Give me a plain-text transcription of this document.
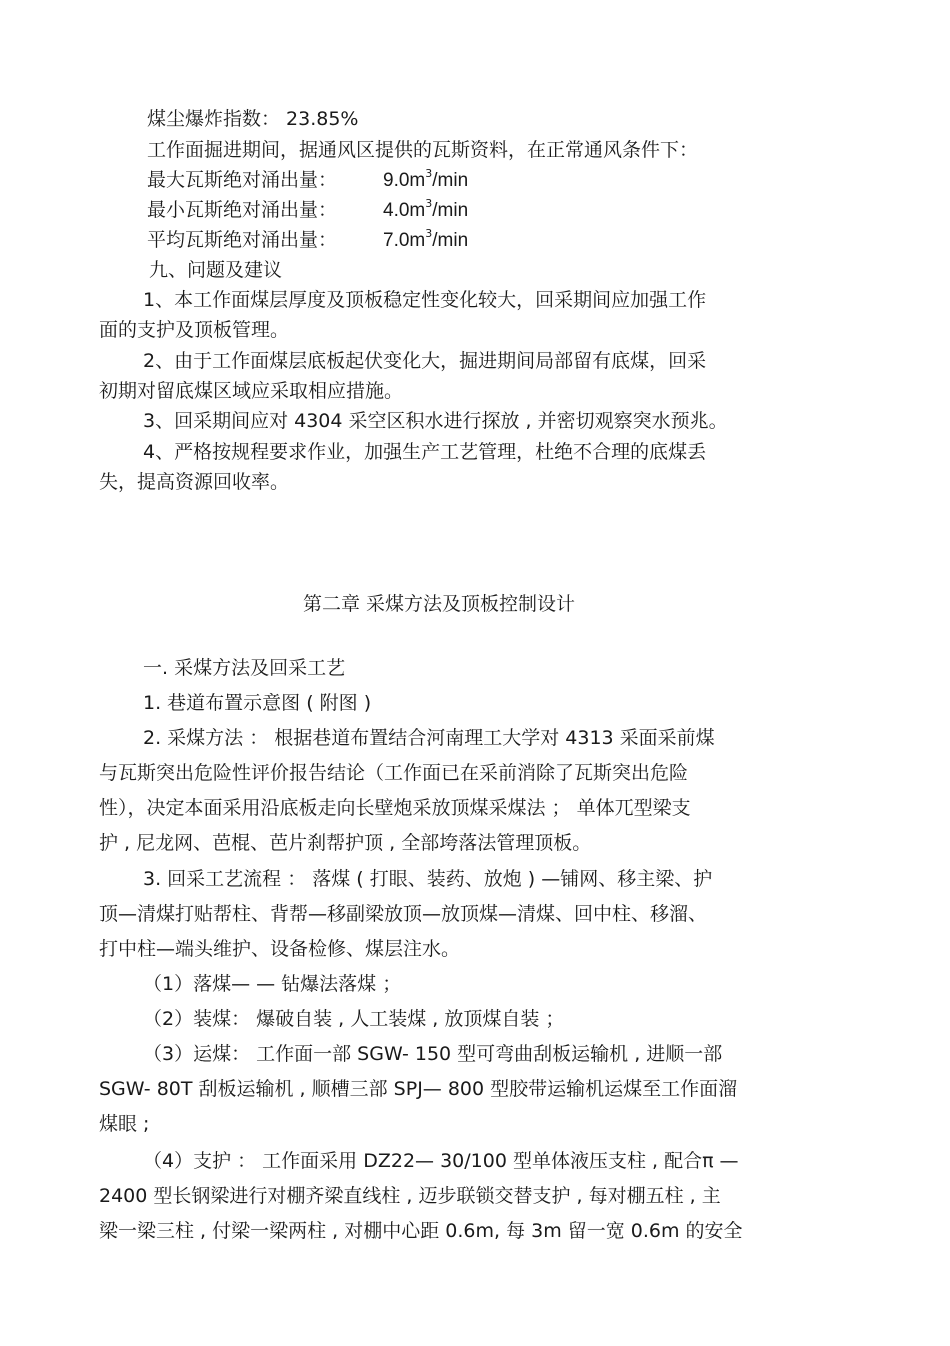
煤尘爆炸指数： 23.85%
工作面掘进期间，据通风区提供的瓦斯资料，在正常通风条件下：
最大瓦斯绝对涌出量： $9.0m^3/\min$
最小瓦斯绝对涌出量： $4.0m^3/\min$
平均瓦斯绝对涌出量： $7.0m^3/\min$
九、问题及建议
1、本工作面煤层厚度及顶板稳定性变化较大，回采期间应加强工作
面的支护及顶板管理。
2、由于工作面煤层底板起伏变化大，掘进期间局部留有底煤，回采
初期对留底煤区域应采取相应措施。
3、回采期间应对 4304 采空区积水进行探放 , 并密切观察突水预兆。
4、严格按规程要求作业，加强生产工艺管理，杜绝不合理的底煤丢
失，提高资源回收率。
第二章 采煤方法及顶板控制设计
一. 采煤方法及回采工艺
1. 巷道布置示意图 ( 附图 )
2. 采煤方法 ： 根据巷道布置结合河南理工大学对 4313 采面采前煤
与瓦斯突出危险性评价报告结论（工作面已在采前消除了瓦斯突出危险
性），决定本面采用沿底板走向长壁炮采放顶煤采煤法 ； 单体兀型梁支
护 , 尼龙网、芭棍、芭片刹帮护顶 , 全部垮落法管理顶板。
3. 回采工艺流程 ： 落煤 ( 打眼、装药、放炮 ) —铺网、移主梁、护
顶—清煤打贴帮柱、背帮—移副梁放顶—放顶煤—清煤、回中柱、移溜、
打中柱—端头维护、设备检修、煤层注水。
（1）落煤— — 钻爆法落煤 ；
（2）装煤： 爆破自装 , 人工装煤 , 放顶煤自装 ；
（3）运煤： 工作面一部 SGW- 150 型可弯曲刮板运输机 , 进顺一部
SGW- 80T 刮板运输机 , 顺槽三部 SPJ— 800 型胶带运输机运煤至工作面溜
煤眼 ;
（4）支护 ： 工作面采用 DZ22— 30/100 型单体液压支柱 , 配合π —
2400 型长钢梁进行对棚齐梁直线柱 , 迈步联锁交替支护 , 每对棚五柱 , 主
梁一梁三柱 , 付梁一梁两柱 , 对棚中心距 0.6m, 每 3m 留一宽 0.6m 的安全
